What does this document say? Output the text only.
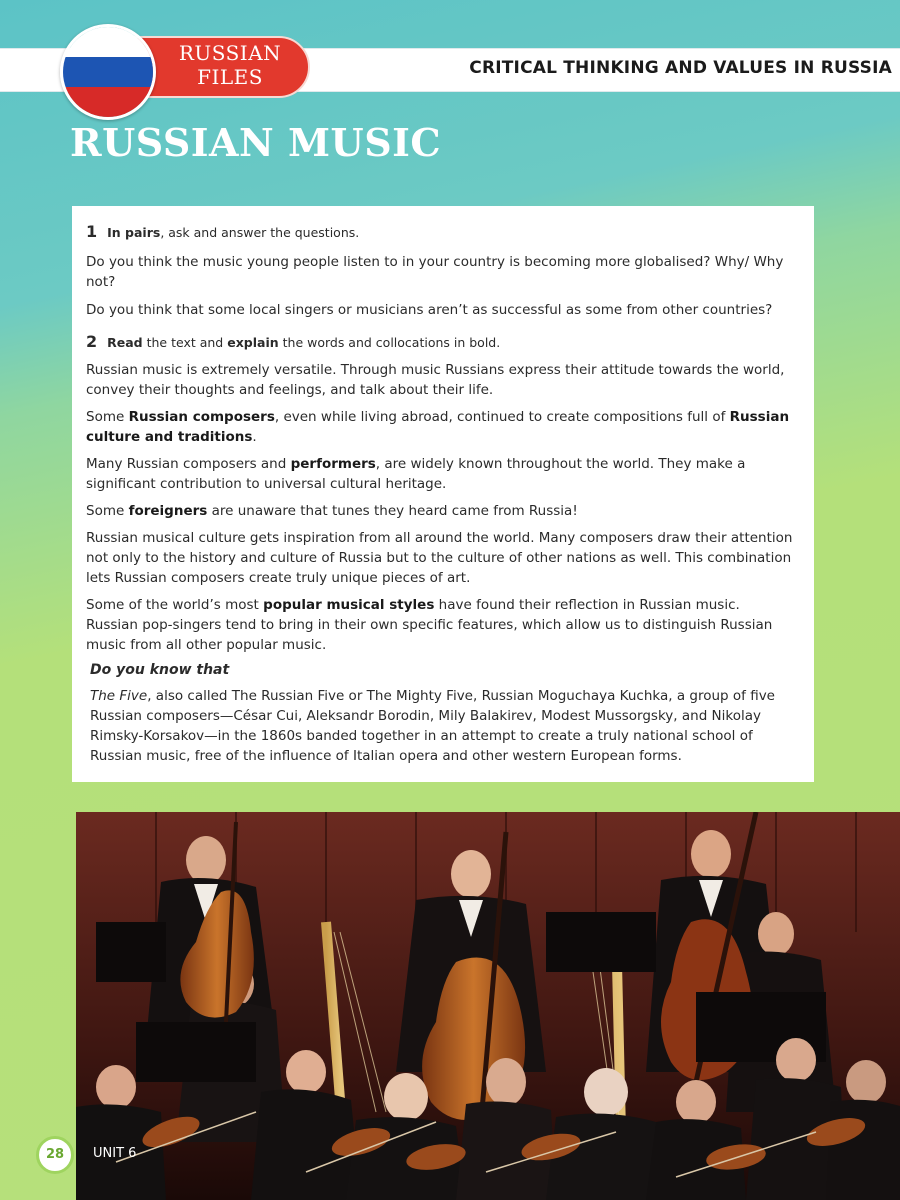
CRITICAL THINKING AND VALUES IN RUSSIA
RUSSIAN
FILES
RUSSIAN MUSIC
1 In pairs, ask and answer the questions.

Do you think the music young people listen to in your country is becoming more globalised? Why/ Why not?

Do you think that some local singers or musicians aren’t as successful as some from other countries?

2 Read the text and explain the words and collocations in bold.

Russian music is extremely versatile. Through music Russians express their attitude towards the world, convey their thoughts and feelings, and talk about their life.

Some Russian composers, even while living abroad, continued to create compositions full of Russian culture and traditions.

Many Russian composers and performers, are widely known throughout the world. They make a significant contribution to universal cultural heritage.

Some foreigners are unaware that tunes they heard came from Russia!

Russian musical culture gets inspiration from all around the world. Many composers draw their attention not only to the history and culture of Russia but to the culture of other nations as well. This combination lets Russian composers create truly unique pieces of art.

Some of the world’s most popular musical styles have found their reflection in Russian music. Russian pop-singers tend to bring in their own specific features, which allow us to distinguish Russian music from all other popular music.

Do you know that

The Five, also called The Russian Five or The Mighty Five, Russian Moguchaya Kuchka, a group of five Russian composers—César Cui, Aleksandr Borodin, Mily Balakirev, Modest Mussorgsky, and Nikolay Rimsky-Korsakov—in the 1860s banded together in an attempt to create a truly national school of Russian music, free of the influence of Italian opera and other western European forms.

28	UNIT 6
